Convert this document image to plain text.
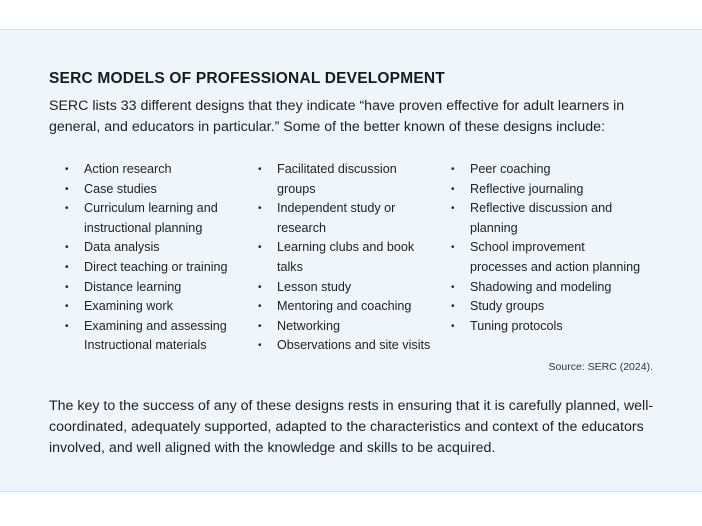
SERC MODELS OF PROFESSIONAL DEVELOPMENT
SERC lists 33 different designs that they indicate “have proven effective for adult learners in general, and educators in particular.” Some of the better known of these designs include:
• Action research
• Case studies
• Curriculum learning and instructional planning
• Data analysis
• Direct teaching or training
• Distance learning
• Examining work
• Examining and assessing Instructional materials
• Facilitated discussion groups
• Independent study or research
• Learning clubs and book talks
• Lesson study
• Mentoring and coaching
• Networking
• Observations and site visits
• Peer coaching
• Reflective journaling
• Reflective discussion and planning
• School improvement processes and action planning
• Shadowing and modeling
• Study groups
• Tuning protocols
Source: SERC (2024).
The key to the success of any of these designs rests in ensuring that it is carefully planned, well-coordinated, adequately supported, adapted to the characteristics and context of the educators involved, and well aligned with the knowledge and skills to be acquired.
